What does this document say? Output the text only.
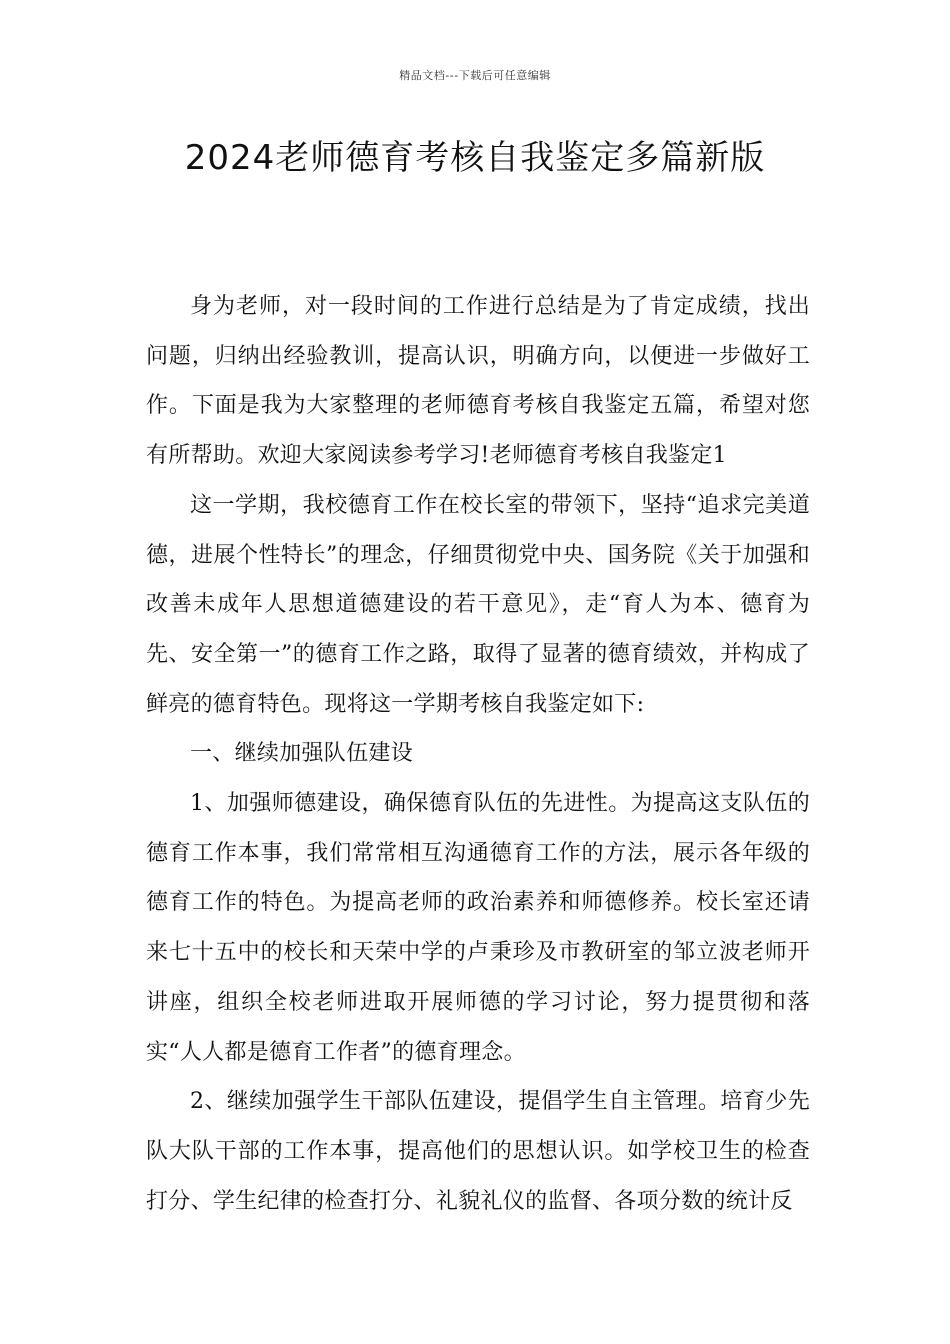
精品文档---下载后可任意编辑
2024老师德育考核自我鉴定多篇新版

身为老师，对一段时间的工作进行总结是为了肯定成绩，找出问题，归纳出经验教训，提高认识，明确方向，以便进一步做好工作。下面是我为大家整理的老师德育考核自我鉴定五篇，希望对您有所帮助。欢迎大家阅读参考学习!老师德育考核自我鉴定1

这一学期，我校德育工作在校长室的带领下，坚持“追求完美道德，进展个性特长”的理念，仔细贯彻党中央、国务院《关于加强和改善未成年人思想道德建设的若干意见》，走“育人为本、德育为先、安全第一”的德育工作之路，取得了显著的德育绩效，并构成了鲜亮的德育特色。现将这一学期考核自我鉴定如下:

一、继续加强队伍建设

1、加强师德建设，确保德育队伍的先进性。为提高这支队伍的德育工作本事，我们常常相互沟通德育工作的方法，展示各年级的德育工作的特色。为提高老师的政治素养和师德修养。校长室还请来七十五中的校长和天荣中学的卢秉珍及市教研室的邹立波老师开讲座，组织全校老师进取开展师德的学习讨论，努力提贯彻和落实“人人都是德育工作者”的德育理念。

2、继续加强学生干部队伍建设，提倡学生自主管理。培育少先队大队干部的工作本事，提高他们的思想认识。如学校卫生的检查打分、学生纪律的检查打分、礼貌礼仪的监督、各项分数的统计反
